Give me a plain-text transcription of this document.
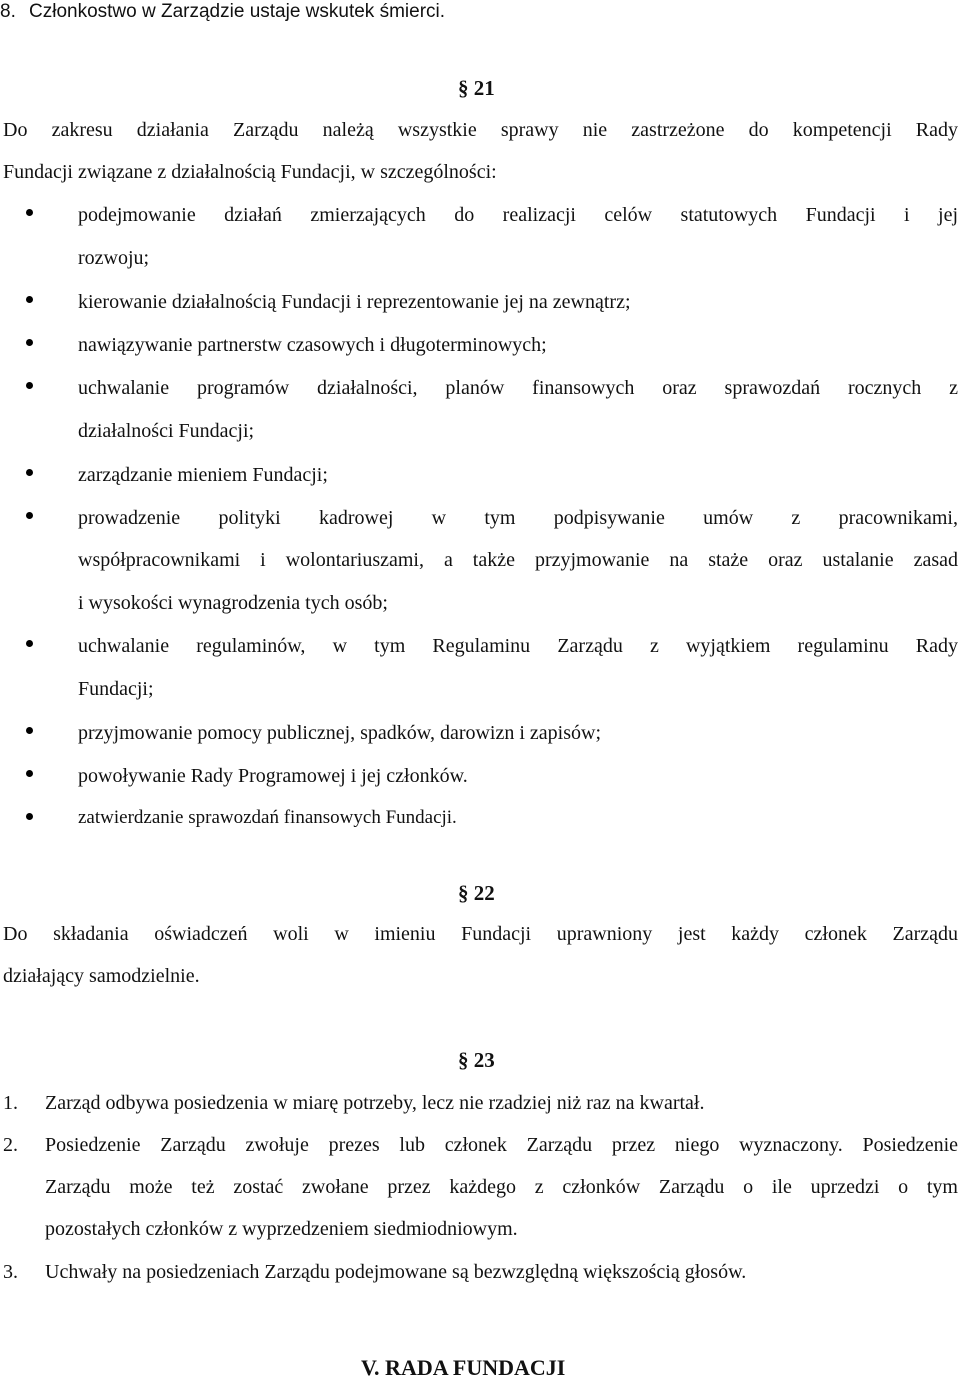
8. Członkostwo w Zarządzie ustaje wskutek śmierci.
§ 21
Do zakresu działania Zarządu należą wszystkie sprawy nie zastrzeżone do kompetencji Rady
Fundacji związane z działalnością Fundacji, w szczególności:
podejmowanie działań zmierzających do realizacji celów statutowych Fundacji i jej
rozwoju;
kierowanie działalnością Fundacji i reprezentowanie jej na zewnątrz;
nawiązywanie partnerstw czasowych i długoterminowych;
uchwalanie programów działalności, planów finansowych oraz sprawozdań rocznych z
działalności Fundacji;
zarządzanie mieniem Fundacji;
prowadzenie polityki kadrowej w tym podpisywanie umów z pracownikami,
współpracownikami i wolontariuszami, a także przyjmowanie na staże oraz ustalanie zasad
i wysokości wynagrodzenia tych osób;
uchwalanie regulaminów, w tym Regulaminu Zarządu z wyjątkiem regulaminu Rady
Fundacji;
przyjmowanie pomocy publicznej, spadków, darowizn i zapisów;
powoływanie Rady Programowej i jej członków.
zatwierdzanie sprawozdań finansowych Fundacji.
§ 22
Do składania oświadczeń woli w imieniu Fundacji uprawniony jest każdy członek Zarządu
działający samodzielnie.
§ 23
1. Zarząd odbywa posiedzenia w miarę potrzeby, lecz nie rzadziej niż raz na kwartał.
2. Posiedzenie Zarządu zwołuje prezes lub członek Zarządu przez niego wyznaczony. Posiedzenie
Zarządu może też zostać zwołane przez każdego z członków Zarządu o ile uprzedzi o tym
pozostałych członków z wyprzedzeniem siedmiodniowym.
3. Uchwały na posiedzeniach Zarządu podejmowane są bezwzględną większością głosów.
V. RADA FUNDACJI
